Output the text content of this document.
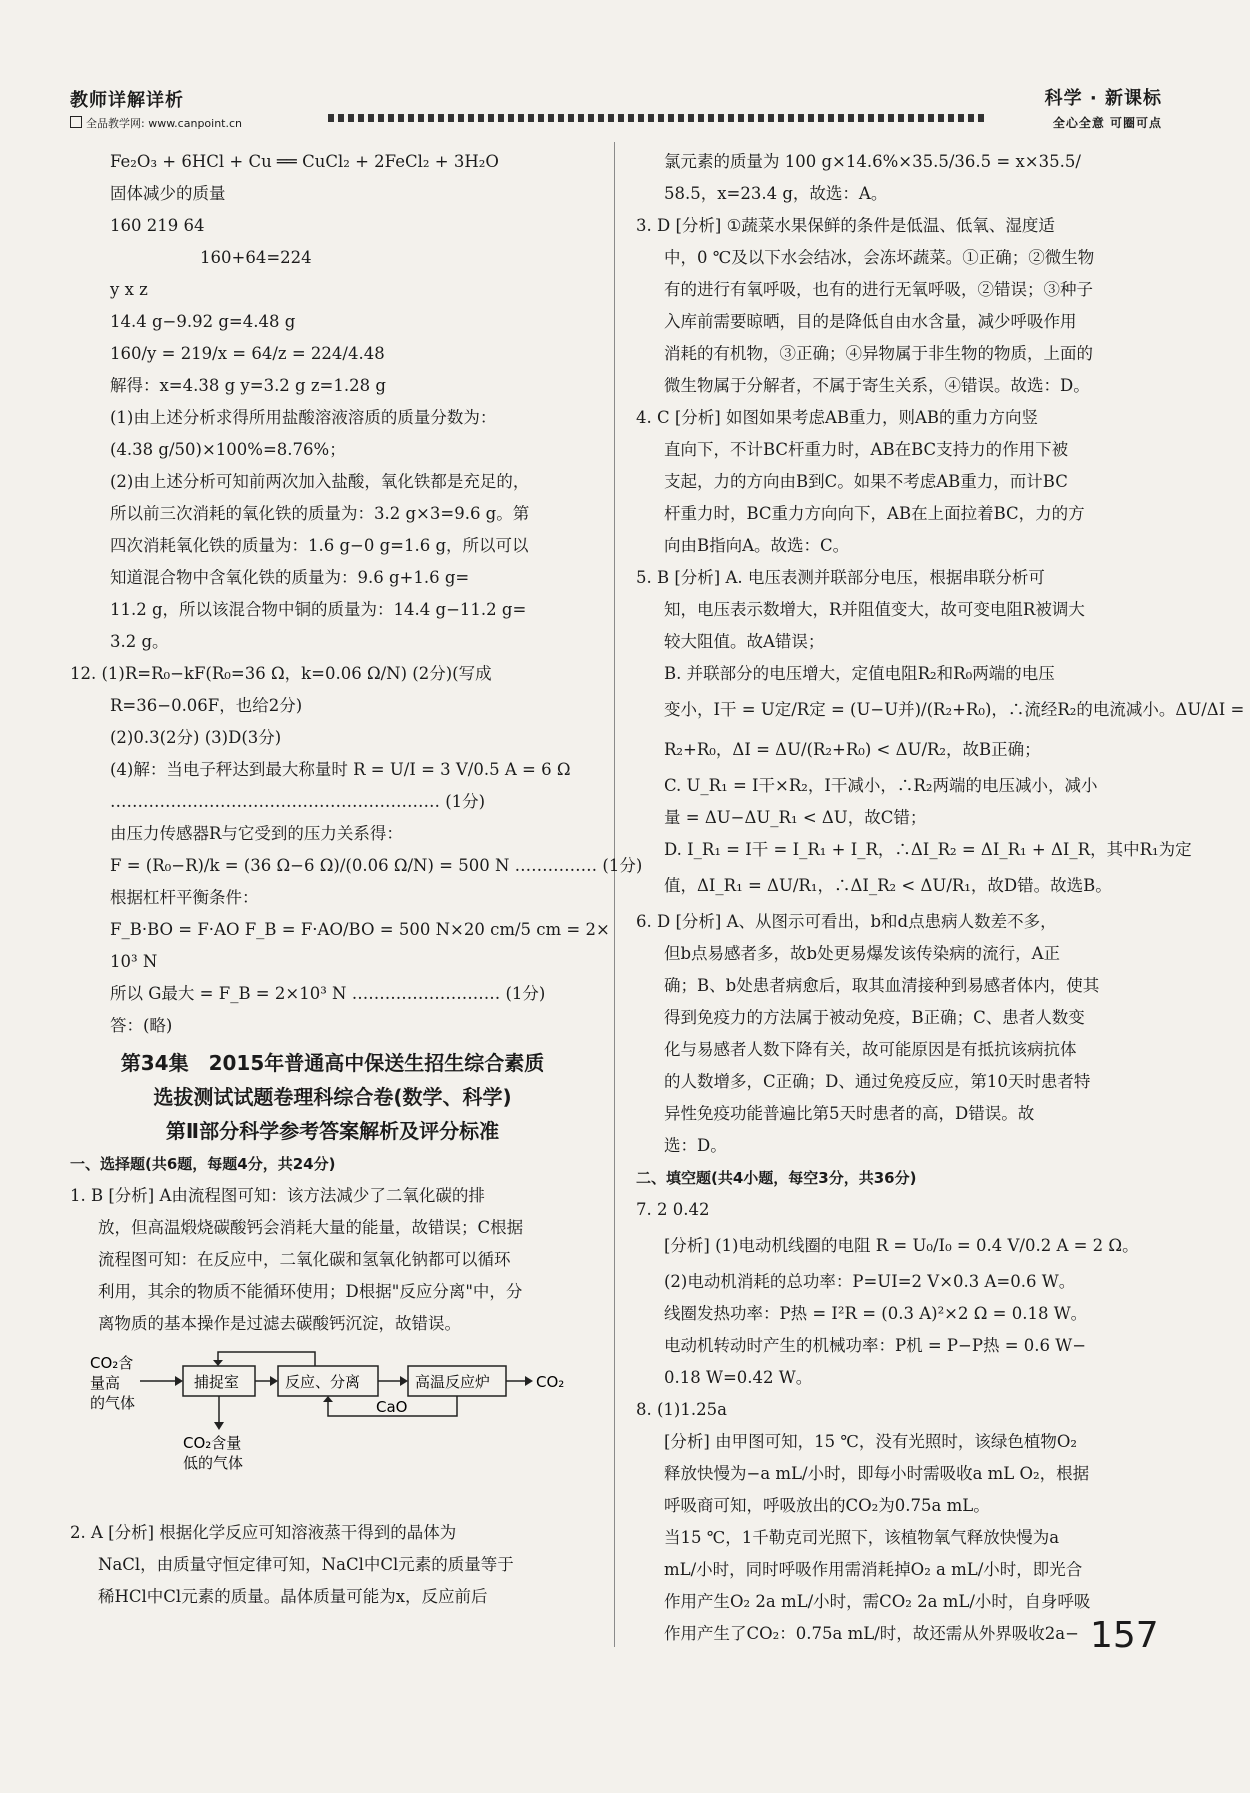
教师详解详析
全品教学网: www.canpoint.cn
科学 · 新课标
全心全意 可圈可点
Fe₂O₃ + 6HCl + Cu ══ CuCl₂ + 2FeCl₂ + 3H₂O
固体减少的质量
160 219 64
160+64=224
y x z
14.4 g−9.92 g=4.48 g
160/y = 219/x = 64/z = 224/4.48
解得：x=4.38 g y=3.2 g z=1.28 g
(1)由上述分析求得所用盐酸溶液溶质的质量分数为：
(4.38 g/50)×100%=8.76%；
(2)由上述分析可知前两次加入盐酸，氧化铁都是充足的，
所以前三次消耗的氧化铁的质量为：3.2 g×3=9.6 g。第
四次消耗氧化铁的质量为：1.6 g−0 g=1.6 g，所以可以
知道混合物中含氧化铁的质量为：9.6 g+1.6 g=
11.2 g，所以该混合物中铜的质量为：14.4 g−11.2 g=
3.2 g。
12. (1)R=R₀−kF(R₀=36 Ω，k=0.06 Ω/N) (2分)(写成
R=36−0.06F，也给2分)
(2)0.3(2分) (3)D(3分)
(4)解：当电子秤达到最大称量时 R = U/I = 3 V/0.5 A = 6 Ω
…………………………………………………… (1分)
由压力传感器R与它受到的压力关系得：
F = (R₀−R)/k = (36 Ω−6 Ω)/(0.06 Ω/N) = 500 N …………… (1分)
根据杠杆平衡条件：
F_B·BO = F·AO F_B = F·AO/BO = 500 N×20 cm/5 cm = 2×
10³ N
所以 G最大 = F_B = 2×10³ N ……………………… (1分)
答：(略)
第34集　2015年普通高中保送生招生综合素质
选拔测试试题卷理科综合卷(数学、科学)
第Ⅱ部分科学参考答案解析及评分标准
一、选择题(共6题，每题4分，共24分)
1. B [分析] A由流程图可知：该方法减少了二氧化碳的排
放，但高温煅烧碳酸钙会消耗大量的能量，故错误；C根据
流程图可知：在反应中，二氧化碳和氢氧化钠都可以循环
利用，其余的物质不能循环使用；D根据"反应分离"中，分
离物质的基本操作是过滤去碳酸钙沉淀，故错误。
CO₂含
量高
的气体
捕捉室	反应、分离	高温反应炉	CO₂
CaO
CO₂含量
低的气体
2. A [分析] 根据化学反应可知溶液蒸干得到的晶体为
NaCl，由质量守恒定律可知，NaCl中Cl元素的质量等于
稀HCl中Cl元素的质量。晶体质量可能为x，反应前后
氯元素的质量为 100 g×14.6%×35.5/36.5 = x×35.5/
58.5，x=23.4 g，故选：A。
3. D [分析] ①蔬菜水果保鲜的条件是低温、低氧、湿度适
中，0 ℃及以下水会结冰，会冻坏蔬菜。①正确；②微生物
有的进行有氧呼吸，也有的进行无氧呼吸，②错误；③种子
入库前需要晾晒，目的是降低自由水含量，减少呼吸作用
消耗的有机物，③正确；④异物属于非生物的物质，上面的
微生物属于分解者，不属于寄生关系，④错误。故选：D。
4. C [分析] 如图如果考虑AB重力，则AB的重力方向竖
直向下，不计BC杆重力时，AB在BC支持力的作用下被
支起，力的方向由B到C。如果不考虑AB重力，而计BC
杆重力时，BC重力方向向下，AB在上面拉着BC，力的方
向由B指向A。故选：C。
5. B [分析] A. 电压表测并联部分电压，根据串联分析可
知，电压表示数增大，R并阻值变大，故可变电阻R被调大
较大阻值。故A错误；
B. 并联部分的电压增大，定值电阻R₂和R₀两端的电压
变小，I干 = U定/R定 = (U−U并)/(R₂+R₀)，∴流经R₂的电流减小。ΔU/ΔI =
R₂+R₀，ΔI = ΔU/(R₂+R₀) < ΔU/R₂，故B正确；
C. U_R₁ = I干×R₂，I干减小，∴R₂两端的电压减小，减小
量 = ΔU−ΔU_R₁ < ΔU，故C错；
D. I_R₁ = I干 = I_R₁ + I_R，∴ΔI_R₂ = ΔI_R₁ + ΔI_R，其中R₁为定
值，ΔI_R₁ = ΔU/R₁，∴ΔI_R₂ < ΔU/R₁，故D错。故选B。
6. D [分析] A、从图示可看出，b和d点患病人数差不多，
但b点易感者多，故b处更易爆发该传染病的流行，A正
确；B、b处患者病愈后，取其血清接种到易感者体内，使其
得到免疫力的方法属于被动免疫，B正确；C、患者人数变
化与易感者人数下降有关，故可能原因是有抵抗该病抗体
的人数增多，C正确；D、通过免疫反应，第10天时患者特
异性免疫功能普遍比第5天时患者的高，D错误。故
选：D。
二、填空题(共4小题，每空3分，共36分)
7. 2 0.42
[分析] (1)电动机线圈的电阻 R = U₀/I₀ = 0.4 V/0.2 A = 2 Ω。
(2)电动机消耗的总功率：P=UI=2 V×0.3 A=0.6 W。
线圈发热功率：P热 = I²R = (0.3 A)²×2 Ω = 0.18 W。
电动机转动时产生的机械功率：P机 = P−P热 = 0.6 W−
0.18 W=0.42 W。
8. (1)1.25a
[分析] 由甲图可知，15 ℃，没有光照时，该绿色植物O₂
释放快慢为−a mL/小时，即每小时需吸收a mL O₂，根据
呼吸商可知，呼吸放出的CO₂为0.75a mL。
当15 ℃，1千勒克司光照下，该植物氧气释放快慢为a
mL/小时，同时呼吸作用需消耗掉O₂ a mL/小时，即光合
作用产生O₂ 2a mL/小时，需CO₂ 2a mL/小时，自身呼吸
作用产生了CO₂：0.75a mL/时，故还需从外界吸收2a− 157
